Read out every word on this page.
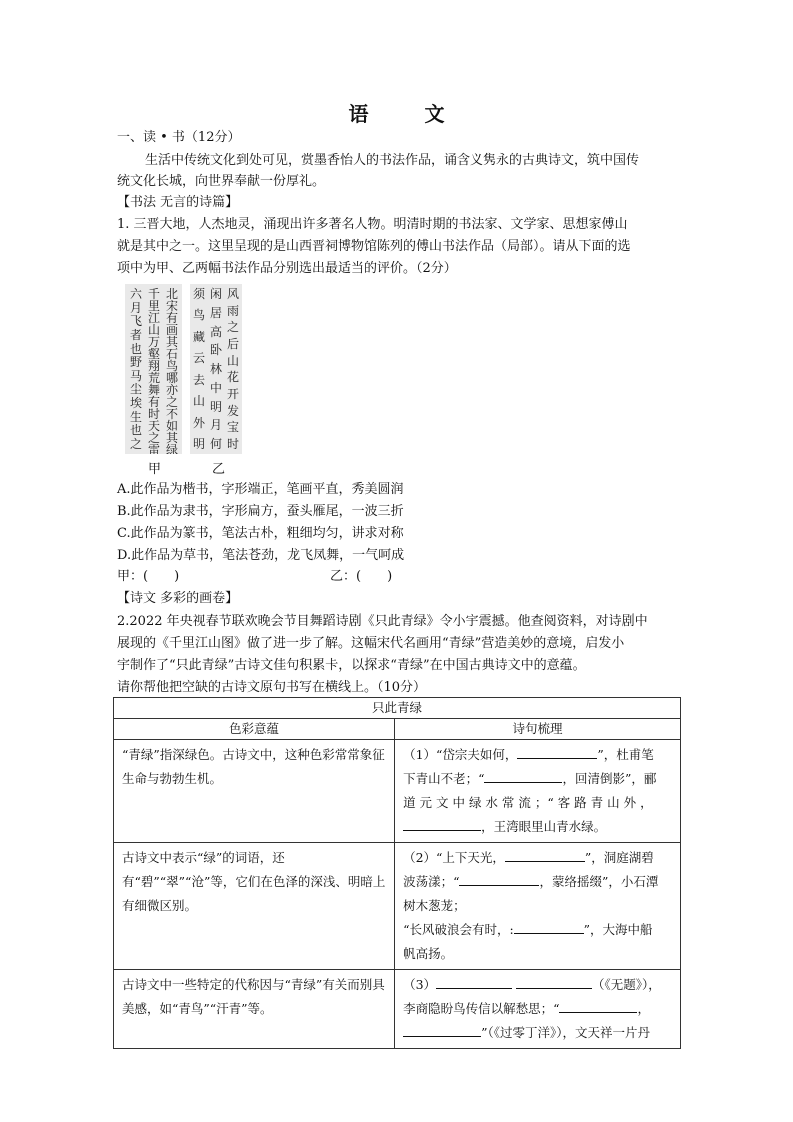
语　文
一、读 • 书（12分）
生活中传统文化到处可见，赏墨香怡人的书法作品，诵含义隽永的古典诗文，筑中国传
统文化长城，向世界奉献一份厚礼。
【书法 无言的诗篇】
1. 三晋大地，人杰地灵，涌现出许多著名人物。明清时期的书法家、文学家、思想家傅山
就是其中之一。这里呈现的是山西晋祠博物馆陈列的傅山书法作品（局部）。请从下面的选
项中为甲、乙两幅书法作品分别选出最适当的评价。（2分）
北
宋
有
画
其
石
鸟
哪
亦
之
不
如
其
绿
千
里
江
山
万
壑
翔
荒
舞
有
时
天
之
雷
六
月
飞
者
也
野
马
尘
埃
生
也
之
风
雨
之
后
山
花
开
发
宝
时
闲
居
高
卧
林
中
明
月
何
须
鸟
藏
云
去
山
外
明
甲	乙
A.此作品为楷书，字形端正，笔画平直，秀美圆润
B.此作品为隶书，字形扁方，蚕头雁尾，一波三折
C.此作品为篆书，笔法古朴，粗细均匀，讲求对称
D.此作品为草书，笔法苍劲，龙飞凤舞，一气呵成
甲：(　　)	乙：(　　)
【诗文 多彩的画卷】
2.2022 年央视春节联欢晚会节目舞蹈诗剧《只此青绿》令小宇震撼。他查阅资料，对诗剧中
展现的《千里江山图》做了进一步了解。这幅宋代名画用“青绿”营造美妙的意境，启发小
宇制作了“只此青绿”古诗文佳句积累卡，以探求“青绿”在中国古典诗文中的意蕴。
请你帮他把空缺的古诗文原句书写在横线上。（10分）
只此青绿	
色彩意蕴	诗句梳理
“青绿”指深绿色。古诗文中，这种色彩常常象征生命与勃勃生机。	（1）“岱宗夫如何， ”，杜甫笔
下青山不老；“ ，回清倒影”，郦
道 元 文 中 绿 水 常 流 ；“ 客 路 青 山 外 ，
，王湾眼里山青水绿。

古诗文中表示“绿”的词语，还有“碧”“翠”“沧”等，它们在色泽的深浅、明暗上有细微区别。	（2）“上下天光， ”，洞庭湖碧
波荡漾；“ ，蒙络摇缀”，小石潭
树木葱茏；
“长风破浪会有时，: ”，大海中船
帆高扬。

古诗文中一些特定的代称因与“青绿”有关而别具美感，如“青鸟”“汗青”等。	（3） （《无题》），
李商隐盼鸟传信以解愁思；“ ，
”（《过零丁洋》），文天祥一片丹
